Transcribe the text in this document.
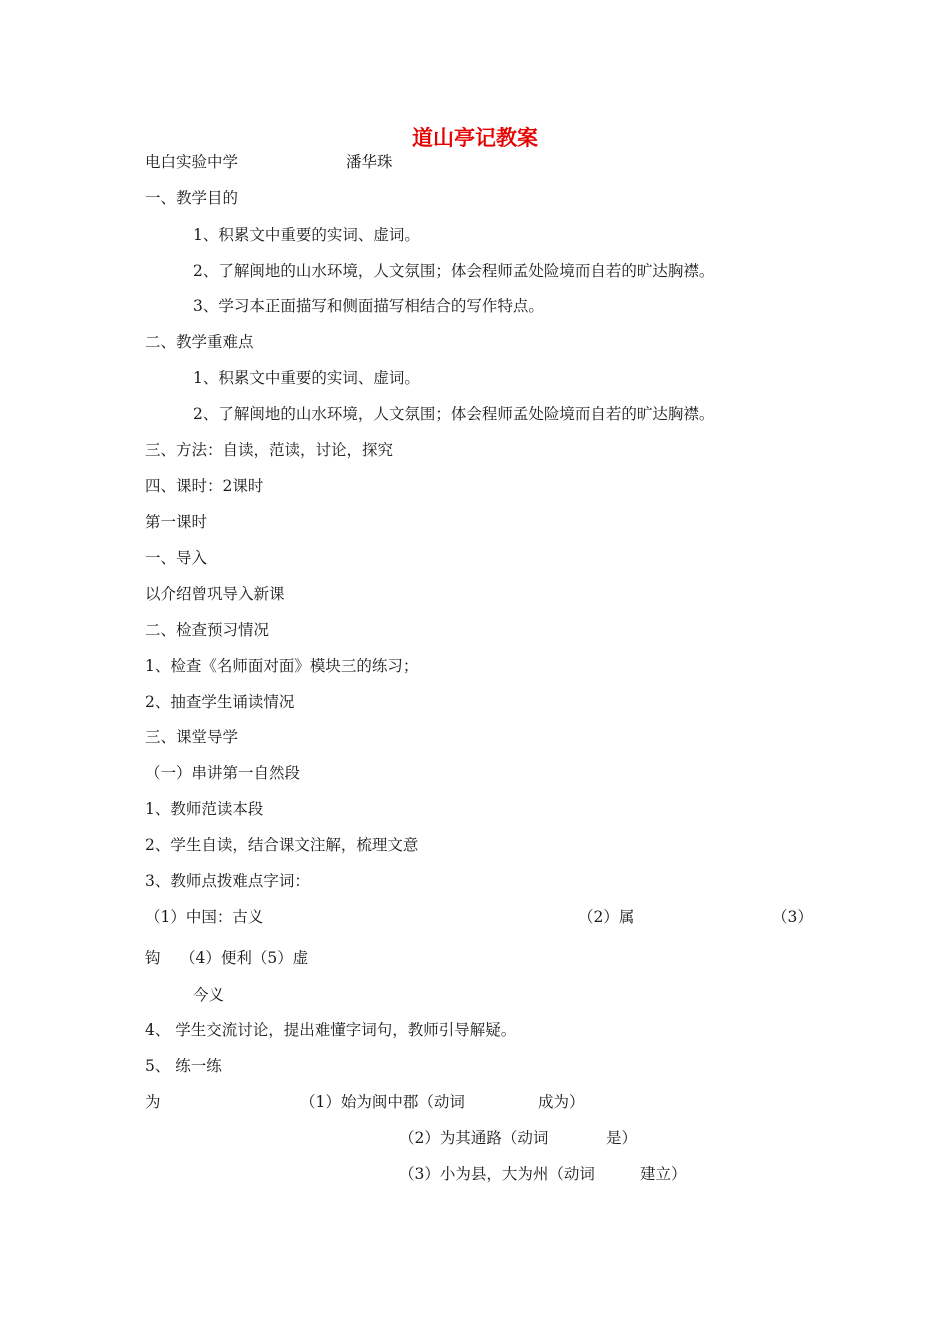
道山亭记教案
电白实验中学	潘华珠
一、教学目的
1、积累文中重要的实词、虚词。
2、了解闽地的山水环境，人文氛围；体会程师孟处险境而自若的旷达胸襟。
3、学习本正面描写和侧面描写相结合的写作特点。
二、教学重难点
1、积累文中重要的实词、虚词。
2、了解闽地的山水环境，人文氛围；体会程师孟处险境而自若的旷达胸襟。
三、方法：自读，范读，讨论，探究
四、课时：2课时
第一课时
一、导入
以介绍曾巩导入新课
二、检查预习情况
1、检查《名师面对面》模块三的练习；
2、抽查学生诵读情况
三、课堂导学
（一）串讲第一自然段
1、教师范读本段
2、学生自读，结合课文注解，梳理文意
3、教师点拨难点字词：
（1）中国：古义	（2）属	（3）
钩 （4）便利（5）虚
今义
4、 学生交流讨论，提出难懂字词句，教师引导解疑。
5、 练一练
为	（1）始为闽中郡（动词	成为）
（2）为其通路（动词	是）
（3）小为县，大为州（动词	建立）
